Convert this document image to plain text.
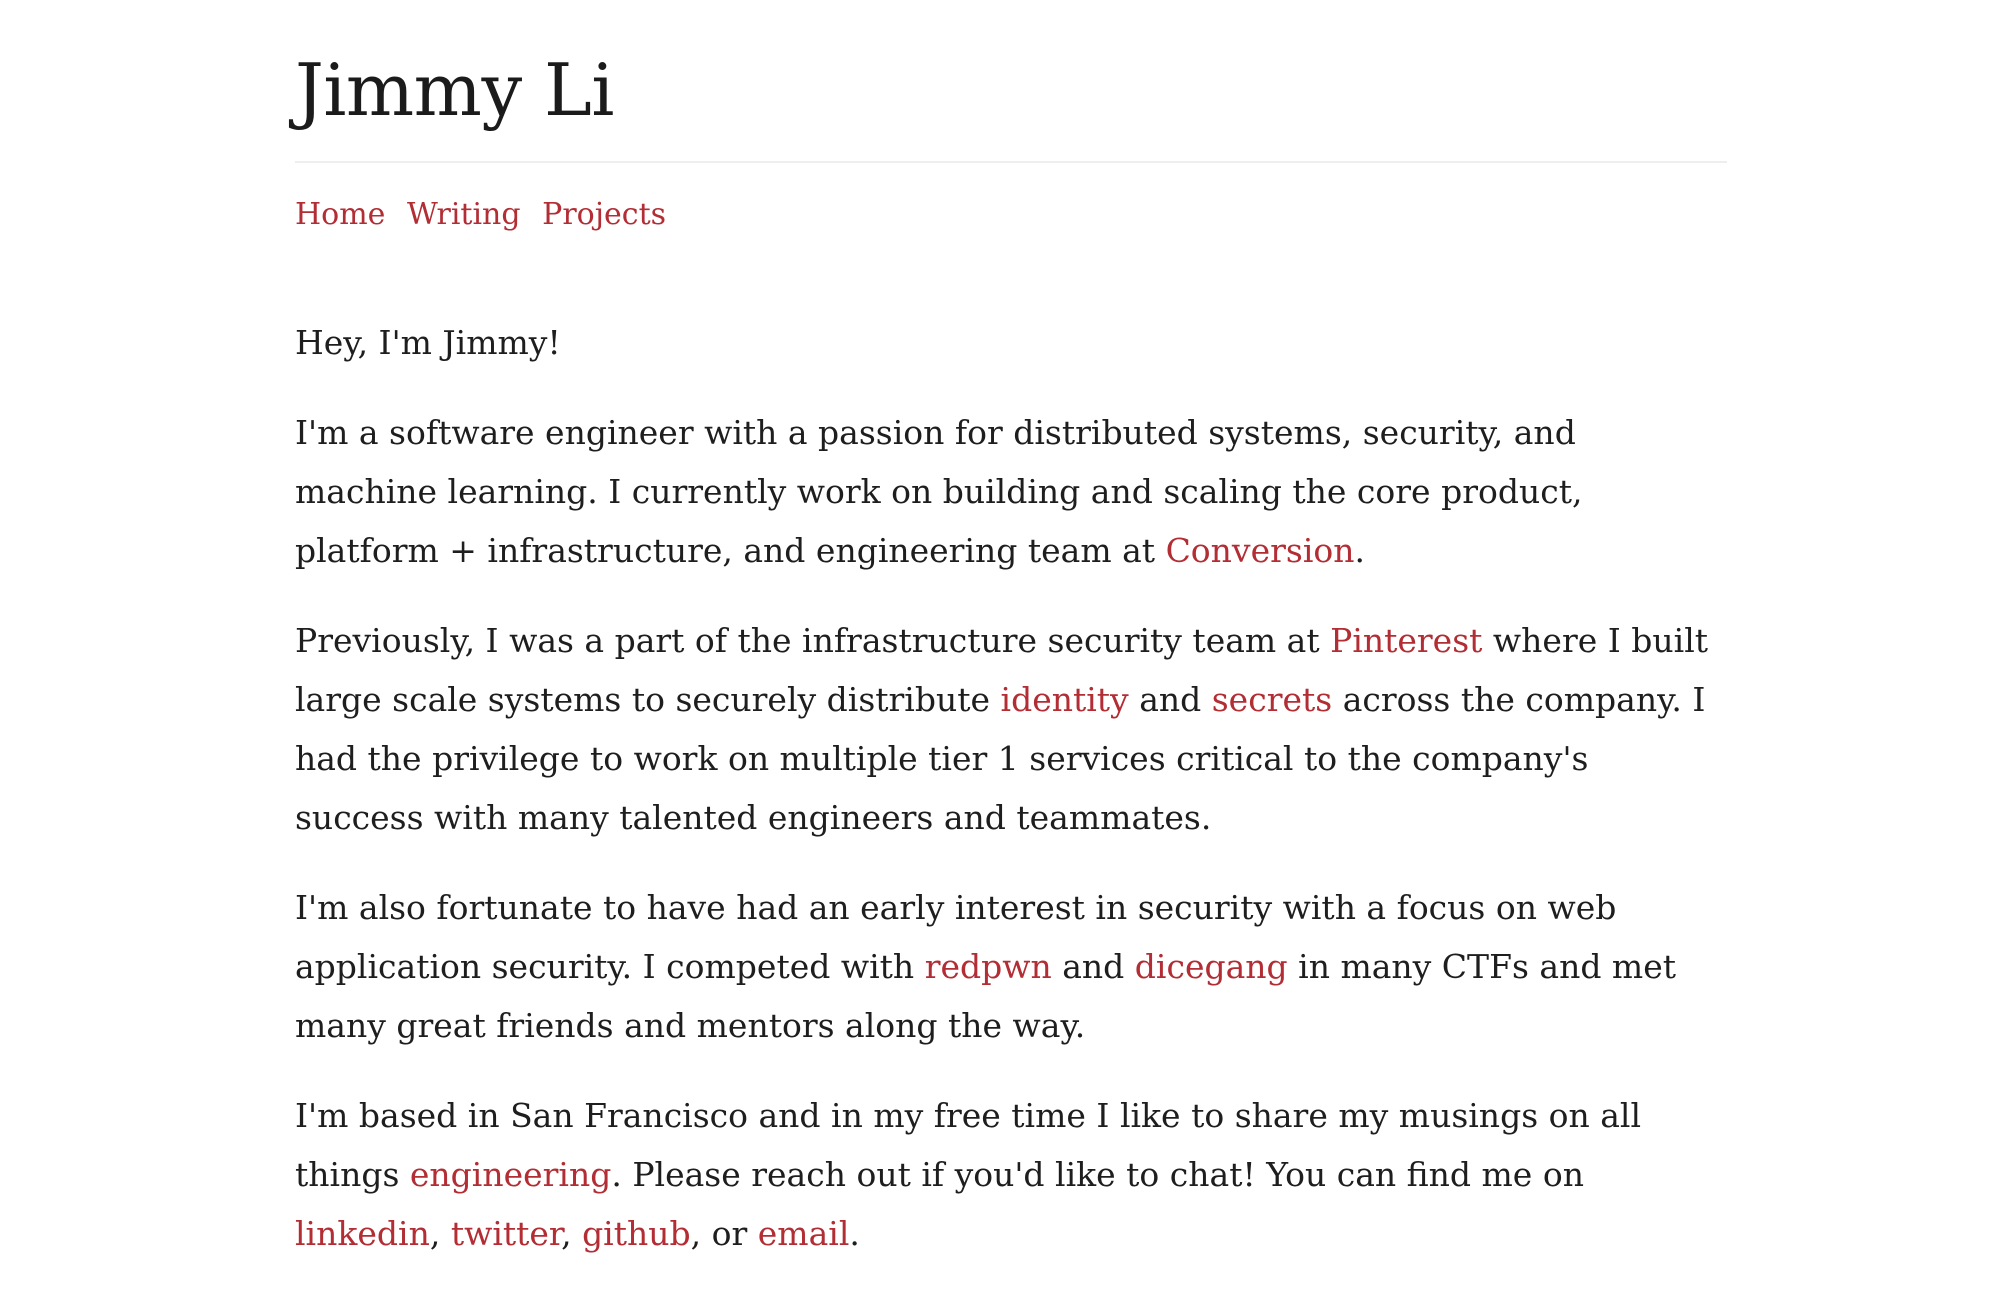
Jimmy Li
Home Writing Projects

Hey, I'm Jimmy!

I'm a software engineer with a passion for distributed systems, security, and machine learning. I currently work on building and scaling the core product, platform + infrastructure, and engineering team at Conversion.

Previously, I was a part of the infrastructure security team at Pinterest where I built large scale systems to securely distribute identity and secrets across the company. I had the privilege to work on multiple tier 1 services critical to the company's success with many talented engineers and teammates.

I'm also fortunate to have had an early interest in security with a focus on web application security. I competed with redpwn and dicegang in many CTFs and met many great friends and mentors along the way.

I'm based in San Francisco and in my free time I like to share my musings on all things engineering. Please reach out if you'd like to chat! You can find me on linkedin, twitter, github, or email.
